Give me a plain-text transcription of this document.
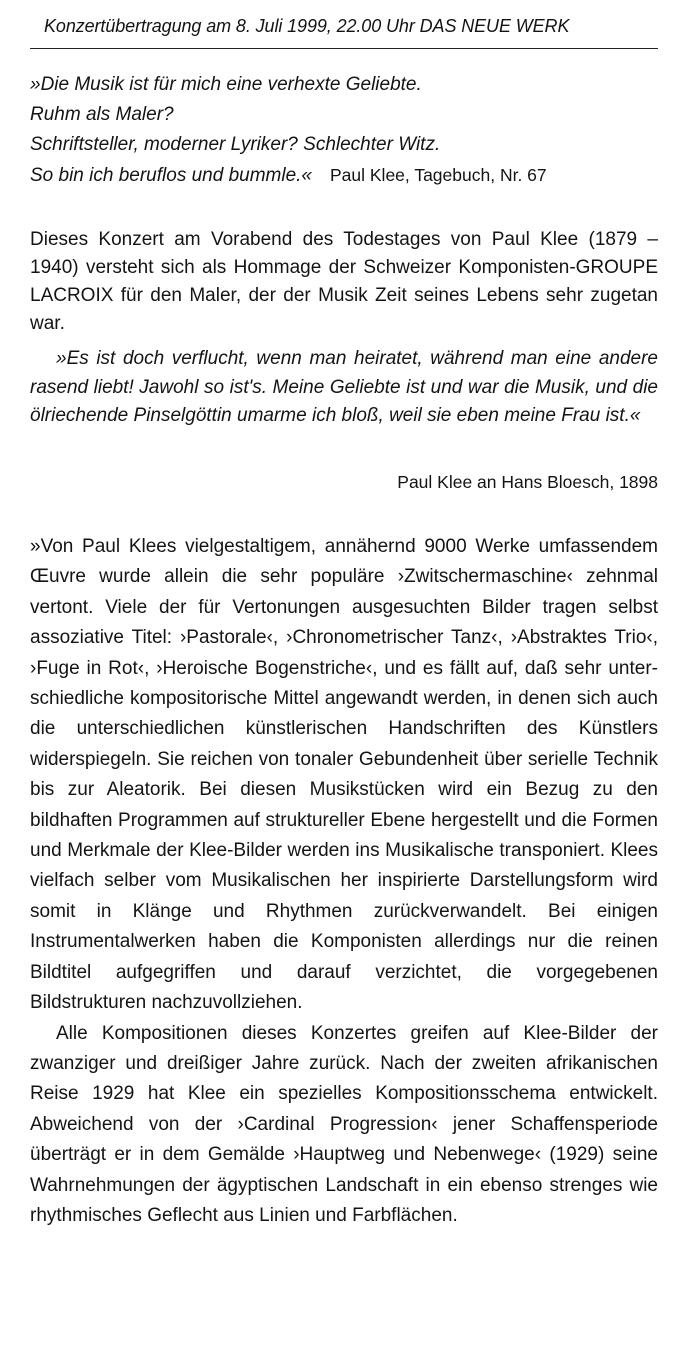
Konzertübertragung am 8. Juli 1999, 22.00 Uhr DAS NEUE WERK
»Die Musik ist für mich eine verhexte Geliebte.
Ruhm als Maler?
Schriftsteller, moderner Lyriker? Schlechter Witz.
So bin ich beruflos und bummle.« Paul Klee, Tagebuch, Nr. 67
Dieses Konzert am Vorabend des Todestages von Paul Klee (1879 – 1940) versteht sich als Hommage der Schweizer Komponisten-GROUPE LACROIX für den Maler, der der Musik Zeit seines Lebens sehr zugetan war.
»Es ist doch verflucht, wenn man heiratet, während man eine andere rasend liebt! Jawohl so ist's. Meine Geliebte ist und war die Musik, und die ölriechende Pinselgöttin umarme ich bloß, weil sie eben meine Frau ist.«
Paul Klee an Hans Bloesch, 1898

»Von Paul Klees vielgestaltigem, annähernd 9000 Werke umfassendem Œuvre wurde allein die sehr populäre ›Zwitschermaschine‹ zehnmal vertont. Viele der für Vertonungen ausgesuchten Bilder tragen selbst assoziative Titel: ›Pastorale‹, ›Chronometrischer Tanz‹, ›Abstraktes Trio‹, ›Fuge in Rot‹, ›Heroische Bogenstriche‹, und es fällt auf, daß sehr unterschiedliche kompositorische Mittel angewandt werden, in denen sich auch die unterschiedlichen künstlerischen Handschriften des Künstlers widerspiegeln. Sie reichen von tonaler Gebundenheit über serielle Technik bis zur Aleatorik. Bei diesen Musikstücken wird ein Bezug zu den bildhaften Programmen auf struktureller Ebene hergestellt und die Formen und Merkmale der Klee-Bilder werden ins Musikalische transponiert. Klees vielfach selber vom Musikalischen her inspirierte Darstellungsform wird somit in Klänge und Rhythmen zurückverwandelt. Bei einigen Instrumentalwerken haben die Komponisten allerdings nur die reinen Bildtitel aufgegriffen und darauf verzichtet, die vorgegebenen Bildstrukturen nachzuvollziehen.

Alle Kompositionen dieses Konzertes greifen auf Klee-Bilder der zwanziger und dreißiger Jahre zurück. Nach der zweiten afrikanischen Reise 1929 hat Klee ein spezielles Kompositionsschema entwickelt. Abweichend von der ›Cardinal Progression‹ jener Schaffensperiode überträgt er in dem Gemälde ›Hauptweg und Nebenwege‹ (1929) seine Wahrnehmungen der ägyptischen Landschaft in ein ebenso strenges wie rhythmisches Geflecht aus Linien und Farbflächen.
